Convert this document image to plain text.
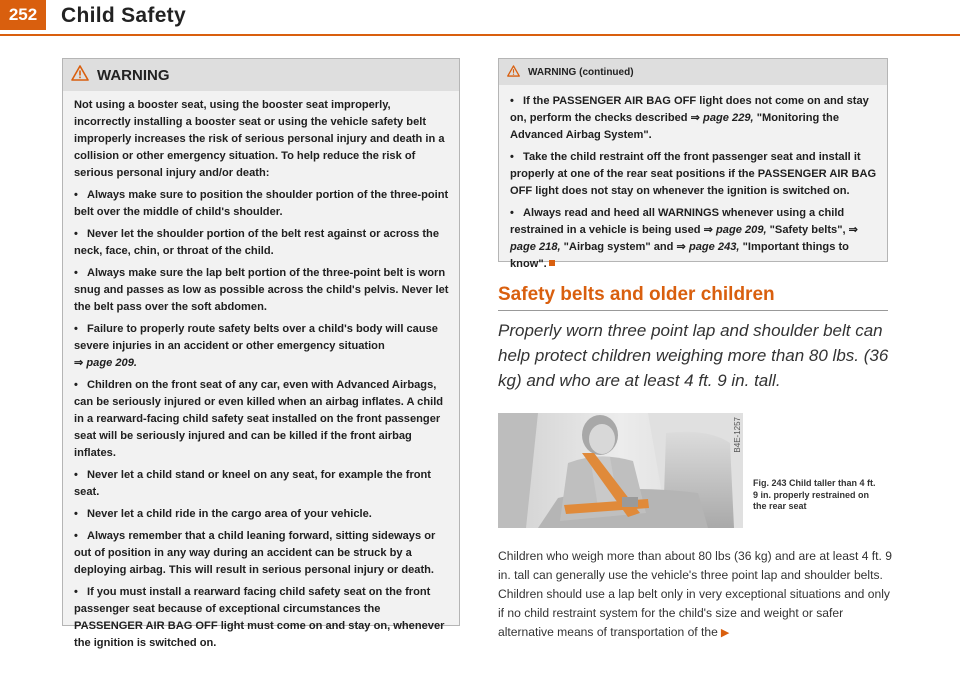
252	Child Safety
WARNING

Not using a booster seat, using the booster seat improperly, incorrectly installing a booster seat or using the vehicle safety belt improperly increases the risk of serious personal injury and death in a collision or other emergency situation. To help reduce the risk of serious personal injury and/or death:

• Always make sure to position the shoulder portion of the three-point belt over the middle of child's shoulder.

• Never let the shoulder portion of the belt rest against or across the neck, face, chin, or throat of the child.

• Always make sure the lap belt portion of the three-point belt is worn snug and passes as low as possible across the child's pelvis. Never let the belt pass over the soft abdomen.

• Failure to properly route safety belts over a child's body will cause severe injuries in an accident or other emergency situation
⇒ page 209.

• Children on the front seat of any car, even with Advanced Airbags, can be seriously injured or even killed when an airbag inflates. A child in a rearward-facing child safety seat installed on the front passenger seat will be seriously injured and can be killed if the front airbag inflates.

• Never let a child stand or kneel on any seat, for example the front seat.

• Never let a child ride in the cargo area of your vehicle.

• Always remember that a child leaning forward, sitting sideways or out of position in any way during an accident can be struck by a deploying airbag. This will result in serious personal injury or death.

• If you must install a rearward facing child safety seat on the front passenger seat because of exceptional circumstances the PASSENGER AIR BAG OFF light must come on and stay on, whenever the ignition is switched on.

WARNING (continued)

• If the PASSENGER AIR BAG OFF light does not come on and stay on, perform the checks described ⇒ page 229, "Monitoring the Advanced Airbag System".

• Take the child restraint off the front passenger seat and install it properly at one of the rear seat positions if the PASSENGER AIR BAG OFF light does not stay on whenever the ignition is switched on.

• Always read and heed all WARNINGS whenever using a child restrained in a vehicle is being used ⇒ page 209, "Safety belts", ⇒ page 218, "Airbag system" and ⇒ page 243, "Important things to know".

Safety belts and older children
Properly worn three point lap and shoulder belt can help protect children weighing more than 80 lbs. (36 kg) and who are at least 4 ft. 9 in. tall.
B4E-1257
Fig. 243 Child taller than 4 ft. 9 in. properly restrained on the rear seat
Children who weigh more than about 80 lbs (36 kg) and are at least 4 ft. 9 in. tall can generally use the vehicle's three point lap and shoulder belts. Children should use a lap belt only in very exceptional situations and only if no child restraint system for the child's size and weight or safer alternative means of transportation of the ▶
